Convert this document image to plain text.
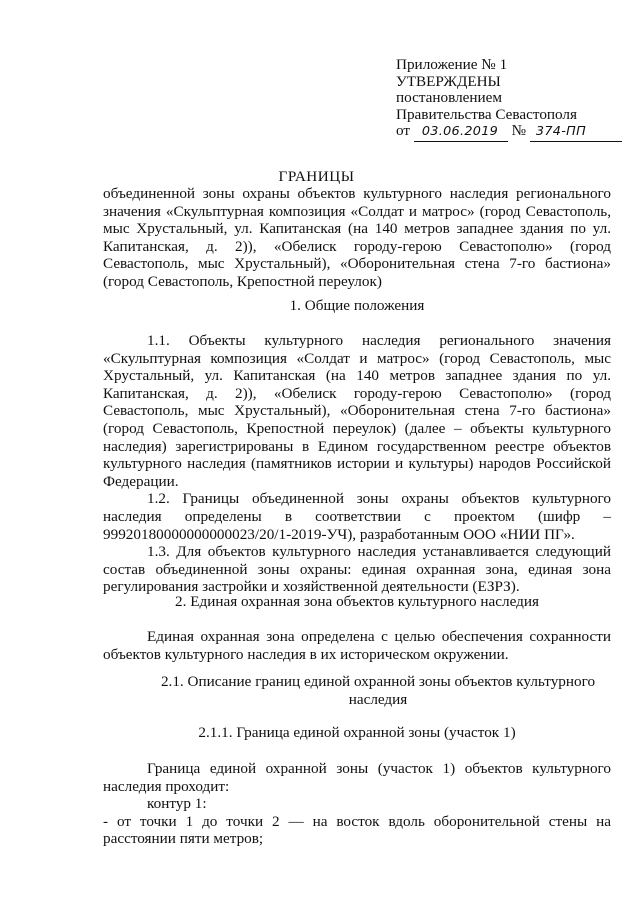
Приложение № 1
УТВЕРЖДЕНЫ
постановлением
Правительства Севастополя
от 03.06.2019 № 374-ПП
ГРАНИЦЫ
объединенной зоны охраны объектов культурного наследия регионального значения «Скульптурная композиция «Солдат и матрос» (город Севастополь, мыс Хрустальный, ул. Капитанская (на 140 метров западнее здания по ул. Капитанская, д. 2)), «Обелиск городу-герою Севастополю» (город Севастополь, мыс Хрустальный), «Оборонительная стена 7-го бастиона» (город Севастополь, Крепостной переулок)
1. Общие положения
1.1. Объекты культурного наследия регионального значения «Скульптурная композиция «Солдат и матрос» (город Севастополь, мыс Хрустальный, ул. Капитанская (на 140 метров западнее здания по ул. Капитанская, д. 2)), «Обелиск городу-герою Севастополю» (город Севастополь, мыс Хрустальный), «Оборонительная стена 7-го бастиона» (город Севастополь, Крепостной переулок) (далее – объекты культурного наследия) зарегистрированы в Едином государственном реестре объектов культурного наследия (памятников истории и культуры) народов Российской Федерации.
1.2. Границы объединенной зоны охраны объектов культурного наследия определены в соответствии с проектом (шифр – 99920180000000000023/20/1-2019-УЧ), разработанным ООО «НИИ ПГ».
1.3. Для объектов культурного наследия устанавливается следующий состав объединенной зоны охраны: единая охранная зона, единая зона регулирования застройки и хозяйственной деятельности (ЕЗРЗ).
2. Единая охранная зона объектов культурного наследия
Единая охранная зона определена с целью обеспечения сохранности объектов культурного наследия в их историческом окружении.
2.1. Описание границ единой охранной зоны объектов культурного наследия
2.1.1. Граница единой охранной зоны (участок 1)
Граница единой охранной зоны (участок 1) объектов культурного наследия проходит:
контур 1:
- от точки 1 до точки 2 — на восток вдоль оборонительной стены на расстоянии пяти метров;
